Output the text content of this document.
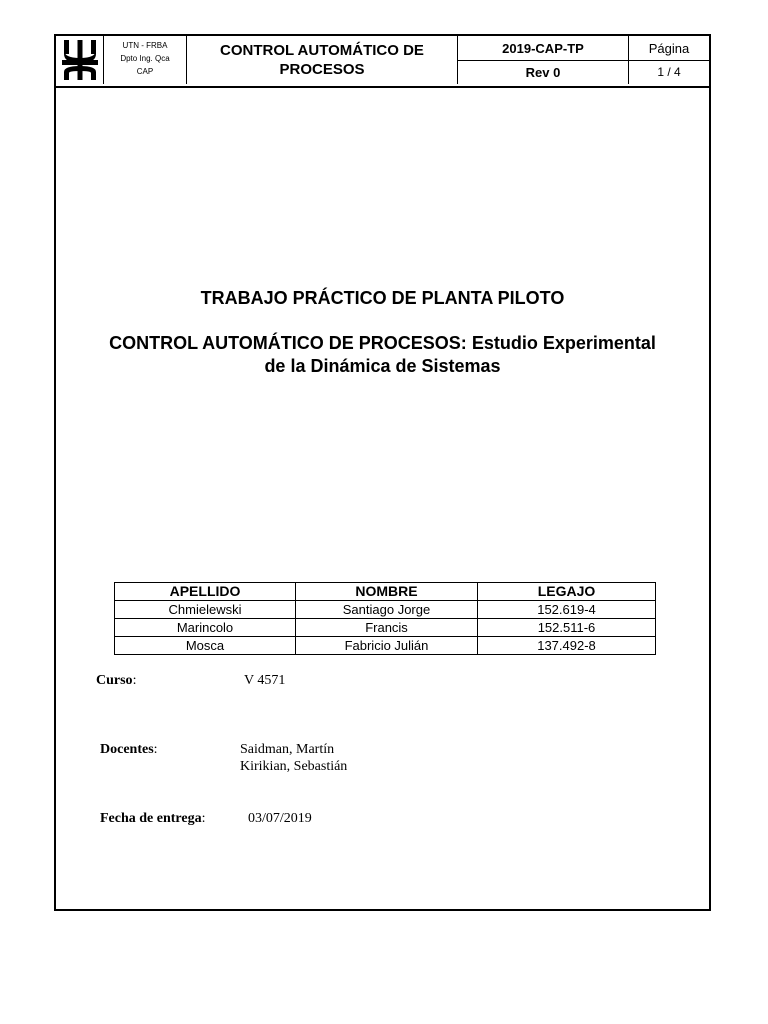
UTN - FRBA
Dpto Ing. Qca
CAP
CONTROL AUTOMÁTICO DE
PROCESOS
2019-CAP-TP
Rev 0
Página
1 / 4
TRABAJO PRÁCTICO DE PLANTA PILOTO
CONTROL AUTOMÁTICO DE PROCESOS: Estudio Experimental
de la Dinámica de Sistemas
APELLIDO	NOMBRE	LEGAJO
Chmielewski	Santiago Jorge	152.619-4
Marincolo	Francis	152.511-6
Mosca	Fabricio Julián	137.492-8
Curso:	V 4571
Docentes:	Saidman, Martín
Kirikian, Sebastián
Fecha de entrega:	03/07/2019
